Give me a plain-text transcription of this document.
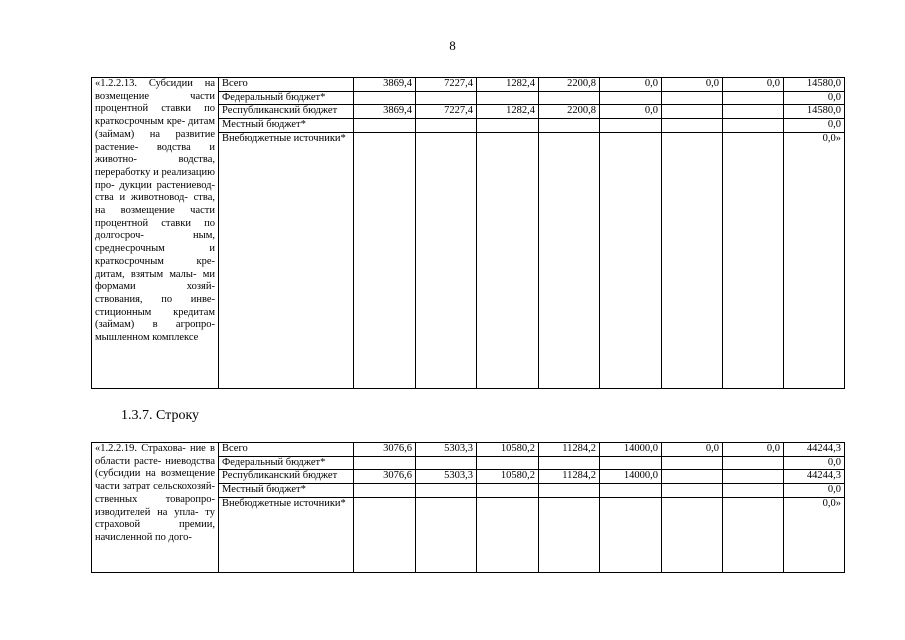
8
«1.2.2.13. Субсидии на возмещение части процентной ставки по краткосрочным кре- дитам (займам) на развитие растение- водства и животно- водства, переработку и реализацию про- дукции растениевод- ства и животновод- ства, на возмещение части процентной ставки по долгосроч- ным, среднесрочным и краткосрочным кре- дитам, взятым малы- ми формами хозяй- ствования, по инве- стиционным кредитам (займам) в агропро- мышленном комплексе	Всего	3869,4	7227,4	1282,4	2200,8	0,0	0,0	0,0	14580,0
	Федеральный бюджет*								0,0
	Республиканский бюджет	3869,4	7227,4	1282,4	2200,8	0,0			14580,0
	Местный бюджет*								0,0
	Внебюджетные источники*								0,0»
1.3.7. Строку
«1.2.2.19. Страхова- ние в области расте- ниеводства (субсидии на возмещение части затрат сельскохозяй- ственных товаропро- изводителей на упла- ту страховой премии, начисленной по дого-	Всего	3076,6	5303,3	10580,2	11284,2	14000,0	0,0	0,0	44244,3
	Федеральный бюджет*								0,0
	Республиканский бюджет	3076,6	5303,3	10580,2	11284,2	14000,0			44244,3
	Местный бюджет*								0,0
	Внебюджетные источники*								0,0»
